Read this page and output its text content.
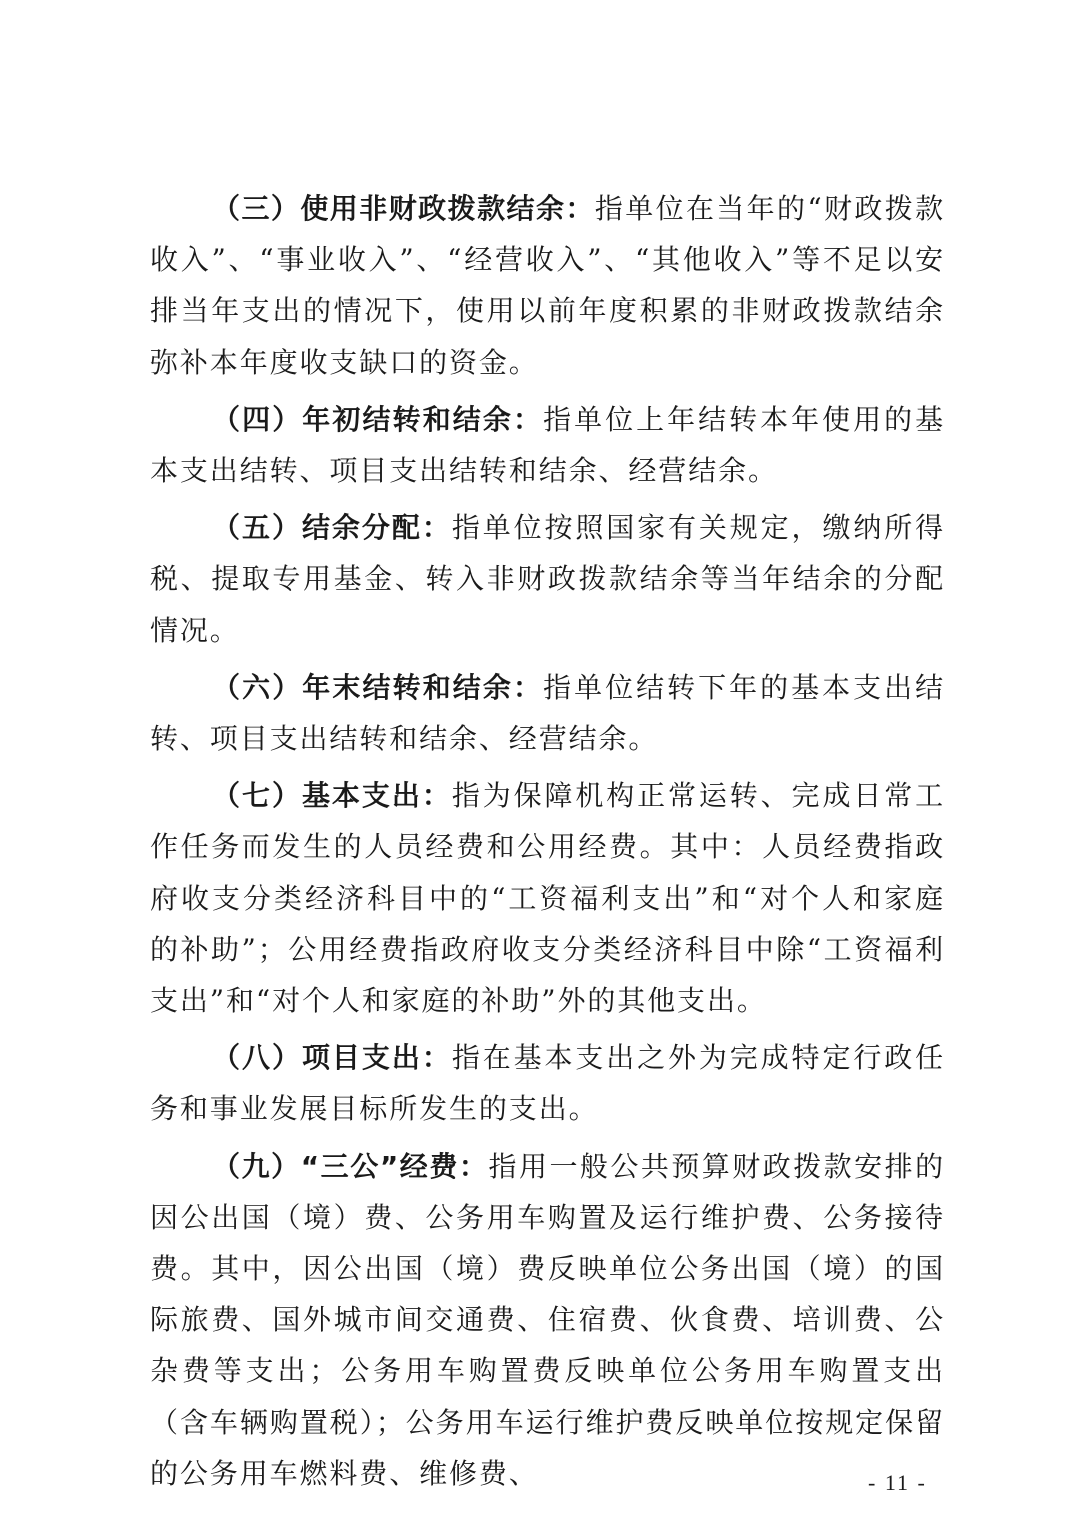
（三）使用非财政拨款结余：指单位在当年的“财政拨款收入”、“事业收入”、“经营收入”、“其他收入”等不足以安排当年支出的情况下，使用以前年度积累的非财政拨款结余弥补本年度收支缺口的资金。

（四）年初结转和结余：指单位上年结转本年使用的基本支出结转、项目支出结转和结余、经营结余。

（五）结余分配：指单位按照国家有关规定，缴纳所得税、提取专用基金、转入非财政拨款结余等当年结余的分配情况。

（六）年末结转和结余：指单位结转下年的基本支出结转、项目支出结转和结余、经营结余。

（七）基本支出：指为保障机构正常运转、完成日常工作任务而发生的人员经费和公用经费。其中：人员经费指政府收支分类经济科目中的“工资福利支出”和“对个人和家庭的补助”；公用经费指政府收支分类经济科目中除“工资福利支出”和“对个人和家庭的补助”外的其他支出。

（八）项目支出：指在基本支出之外为完成特定行政任务和事业发展目标所发生的支出。

（九）“三公”经费：指用一般公共预算财政拨款安排的因公出国（境）费、公务用车购置及运行维护费、公务接待费。其中，因公出国（境）费反映单位公务出国（境）的国际旅费、国外城市间交通费、住宿费、伙食费、培训费、公杂费等支出；公务用车购置费反映单位公务用车购置支出（含车辆购置税）；公务用车运行维护费反映单位按规定保留的公务用车燃料费、维修费、	- 11 -
